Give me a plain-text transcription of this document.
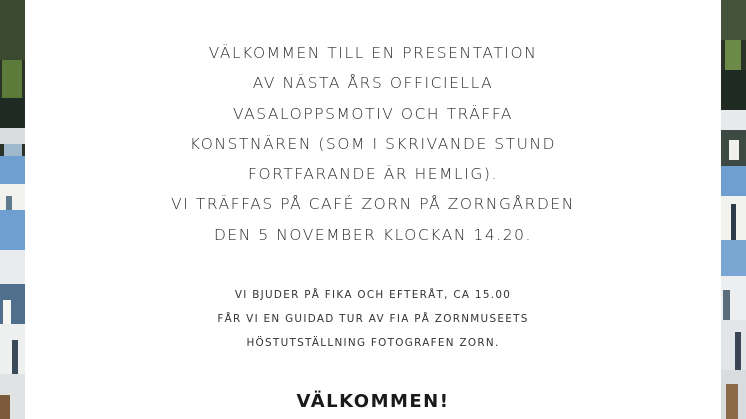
VÄLKOMMEN TILL EN PRESENTATION
AV NÄSTA ÅRS OFFICIELLA
VASALOPPSMOTIV OCH TRÄFFA
KONSTNÄREN (SOM I SKRIVANDE STUND
FORTFARANDE ÄR HEMLIG).
VI TRÄFFAS PÅ CAFÉ ZORN PÅ ZORNGÅRDEN
DEN 5 NOVEMBER KLOCKAN 14.20.
VI BJUDER PÅ FIKA OCH EFTERÅT, CA 15.00
FÅR VI EN GUIDAD TUR AV FIA PÅ ZORNMUSEETS
HÖSTUTSTÄLLNING FOTOGRAFEN ZORN.
VÄLKOMMEN!
